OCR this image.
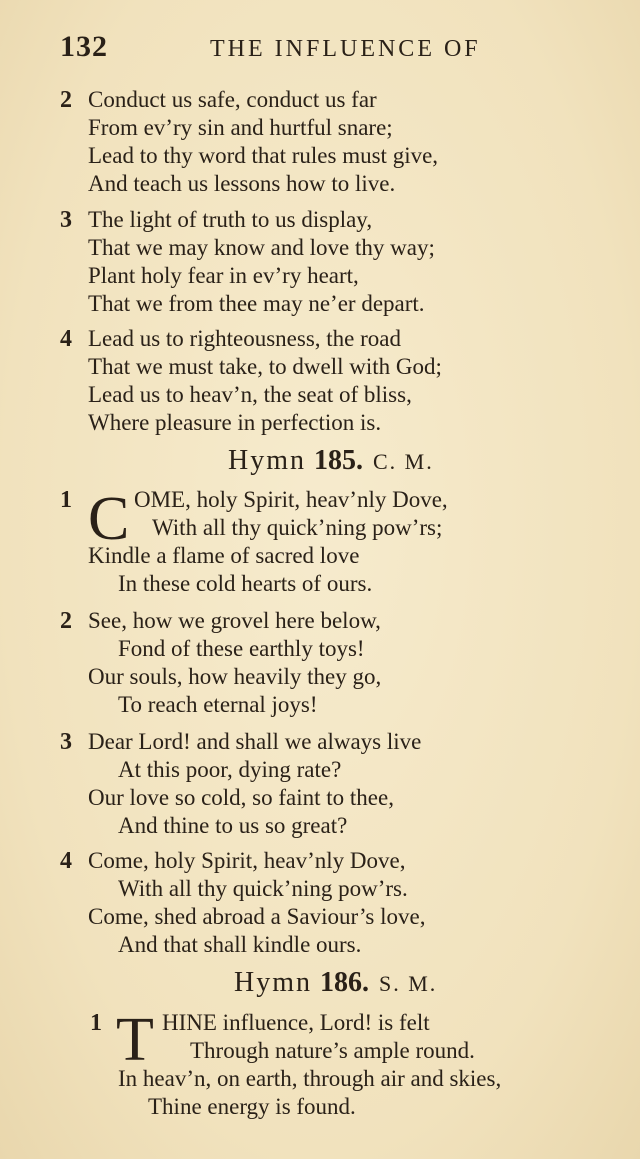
132	THE INFLUENCE OF
2 Conduct us safe, conduct us far
From ev’ry sin and hurtful snare;
Lead to thy word that rules must give,
And teach us lessons how to live.
3 The light of truth to us display,
That we may know and love thy way;
Plant holy fear in ev’ry heart,
That we from thee may ne’er depart.
4 Lead us to righteousness, the road
That we must take, to dwell with God;
Lead us to heav’n, the seat of bliss,
Where pleasure in perfection is.
Hymn 185. C. M.
C
1	OME, holy Spirit, heav’nly Dove,
With all thy quick’ning pow’rs;
Kindle a flame of sacred love
In these cold hearts of ours.
2 See, how we grovel here below,
Fond of these earthly toys!
Our souls, how heavily they go,
To reach eternal joys!
3 Dear Lord! and shall we always live
At this poor, dying rate?
Our love so cold, so faint to thee,
And thine to us so great?
4 Come, holy Spirit, heav’nly Dove,
With all thy quick’ning pow’rs.
Come, shed abroad a Saviour’s love,
And that shall kindle ours.
Hymn 186. S. M.
T
1	HINE influence, Lord! is felt
Through nature’s ample round.
In heav’n, on earth, through air and skies,
Thine energy is found.
